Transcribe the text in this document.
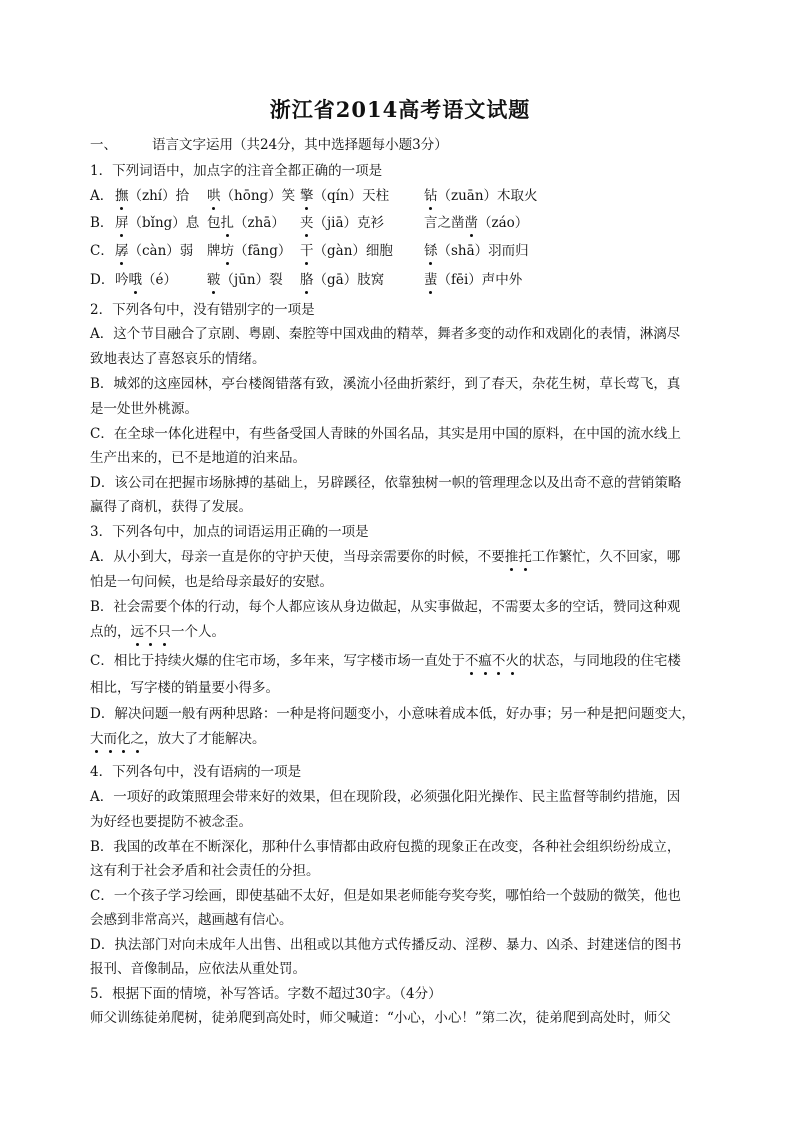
浙江省2014高考语文试题
一、	语言文字运用（共24分，其中选择题每小题3分）
1．下列词语中，加点字的注音全都正确的一项是
A． 撫（zhí）拾 哄（hōng）笑 擎（qín）天柱	钻（zuān）木取火
B． 屏（bǐng）息 包扎（zhā） 夹（jiā）克衫	言之凿凿（záo）
C． 孱（càn）弱 牌坊（fāng） 干（gàn）细胞 铩（shā）羽而归
D． 吟哦（é） 皲（jūn）裂 胳（gā）肢窝	蜚（fēi）声中外
2．下列各句中，没有错别字的一项是
A．这个节目融合了京剧、粤剧、秦腔等中国戏曲的精萃，舞者多变的动作和戏剧化的表情，淋漓尽
致地表达了喜怒哀乐的情绪。
B．城郊的这座园林，亭台楼阁错落有致，溪流小径曲折萦纡，到了春天，杂花生树，草长莺飞，真
是一处世外桃源。
C．在全球一体化进程中，有些备受国人青睐的外国名品，其实是用中国的原料，在中国的流水线上
生产出来的，已不是地道的泊来品。
D．该公司在把握市场脉搏的基础上，另辟蹊径，依靠独树一帜的管理理念以及出奇不意的营销策略
赢得了商机，获得了发展。
3．下列各句中，加点的词语运用正确的一项是
A．从小到大，母亲一直是你的守护天使，当母亲需要你的时候，不要推托工作繁忙，久不回家，哪
怕是一句问候，也是给母亲最好的安慰。
B．社会需要个体的行动，每个人都应该从身边做起，从实事做起，不需要太多的空话，赞同这种观
点的，远不只一个人。
C．相比于持续火爆的住宅市场，多年来，写字楼市场一直处于不瘟不火的状态，与同地段的住宅楼
相比，写字楼的销量要小得多。
D．解决问题一般有两种思路：一种是将问题变小，小意味着成本低，好办事；另一种是把问题变大，
大而化之，放大了才能解决。
4．下列各句中，没有语病的一项是
A．一项好的政策照理会带来好的效果，但在现阶段，必须强化阳光操作、民主监督等制约措施，因
为好经也要提防不被念歪。
B．我国的改革在不断深化，那种什么事情都由政府包揽的现象正在改变，各种社会组织纷纷成立，
这有利于社会矛盾和社会责任的分担。
C．一个孩子学习绘画，即使基础不太好，但是如果老师能夸奖夸奖，哪怕给一个鼓励的微笑，他也
会感到非常高兴，越画越有信心。
D．执法部门对向未成年人出售、出租或以其他方式传播反动、淫秽、暴力、凶杀、封建迷信的图书
报刊、音像制品，应依法从重处罚。
5．根据下面的情境，补写答话。字数不超过30字。（4分）
师父训练徒弟爬树，徒弟爬到高处时，师父喊道：“小心，小心！”第二次，徒弟爬到高处时，师父
